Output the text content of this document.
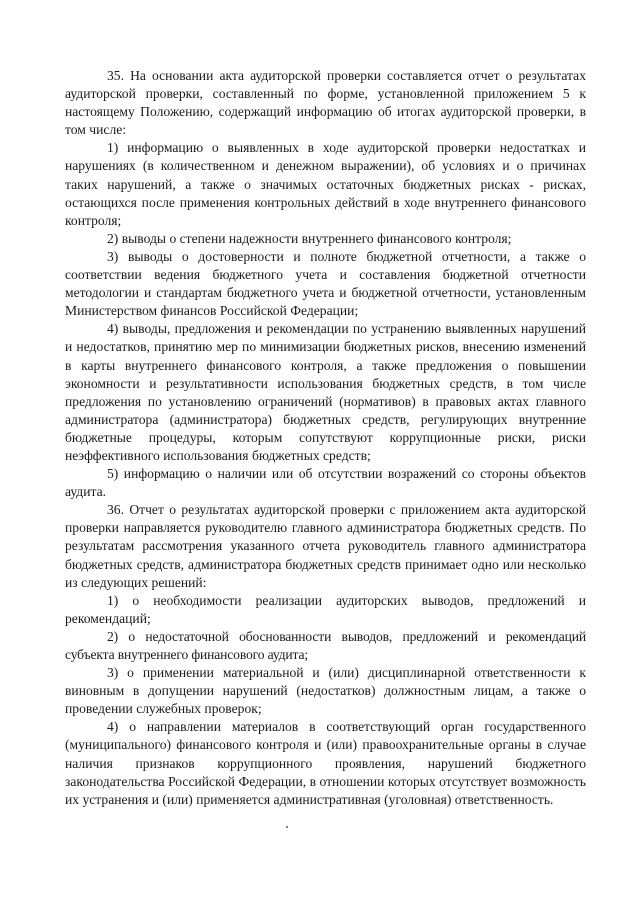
35. На основании акта аудиторской проверки составляется отчет о результатах аудиторской проверки, составленный по форме, установленной приложением 5 к настоящему Положению, содержащий информацию об итогах аудиторской проверки, в том числе:

1) информацию о выявленных в ходе аудиторской проверки недостатках и нарушениях (в количественном и денежном выражении), об условиях и о причинах таких нарушений, а также о значимых остаточных бюджетных рисках - рисках, остающихся после применения контрольных действий в ходе внутреннего финансового контроля;

2) выводы о степени надежности внутреннего финансового контроля;

3) выводы о достоверности и полноте бюджетной отчетности, а также о соответствии ведения бюджетного учета и составления бюджетной отчетности методологии и стандартам бюджетного учета и бюджетной отчетности, установленным Министерством финансов Российской Федерации;

4) выводы, предложения и рекомендации по устранению выявленных нарушений и недостатков, принятию мер по минимизации бюджетных рисков, внесению изменений в карты внутреннего финансового контроля, а также предложения о повышении экономности и результативности использования бюджетных средств, в том числе предложения по установлению ограничений (нормативов) в правовых актах главного администратора (администратора) бюджетных средств, регулирующих внутренние бюджетные процедуры, которым сопутствуют коррупционные риски, риски неэффективного использования бюджетных средств;

5) информацию о наличии или об отсутствии возражений со стороны объектов аудита.

36. Отчет о результатах аудиторской проверки с приложением акта аудиторской проверки направляется руководителю главного администратора бюджетных средств. По результатам рассмотрения указанного отчета руководитель главного администратора бюджетных средств, администратора бюджетных средств принимает одно или несколько из следующих решений:

1) о необходимости реализации аудиторских выводов, предложений и рекомендаций;

2) о недостаточной обоснованности выводов, предложений и рекомендаций субъекта внутреннего финансового аудита;

3) о применении материальной и (или) дисциплинарной ответственности к виновным в допущении нарушений (недостатков) должностным лицам, а также о проведении служебных проверок;

4) о направлении материалов в соответствующий орган государственного (муниципального) финансового контроля и (или) правоохранительные органы в случае наличия признаков коррупционного проявления, нарушений бюджетного законодательства Российской Федерации, в отношении которых отсутствует возможность их устранения и (или) применяется административная (уголовная) ответственность.
